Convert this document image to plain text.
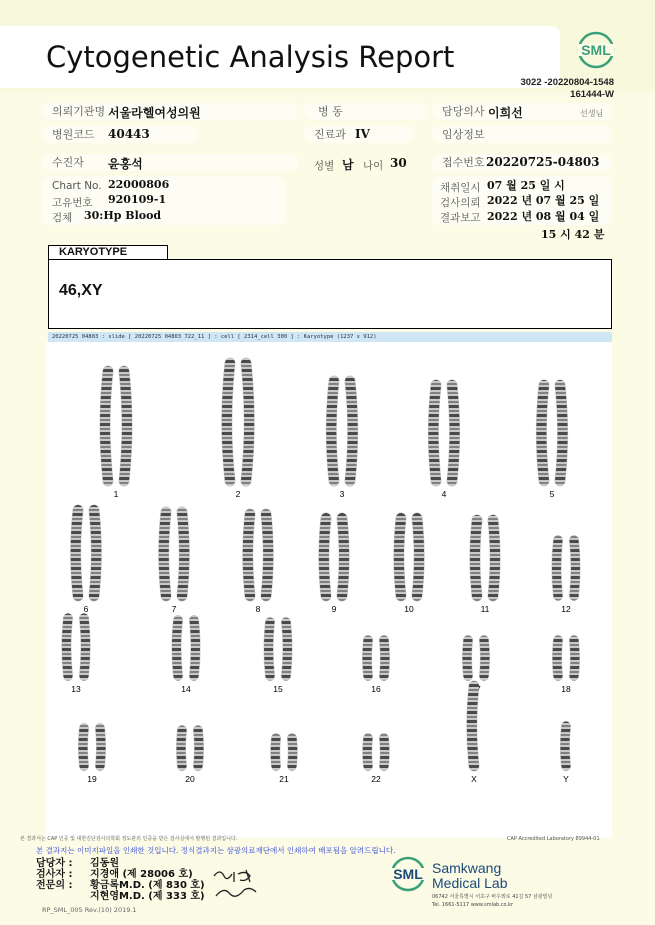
Cytogenetic Analysis Report	SML
3022 -20220804-1548
161444-W
의뢰기관명 서울라헬여성의원	병 동	담당의사 이희선	선생님
병원코드	40443	진료과 IV	임상정보
수진자	윤홍석	성별 남 나이 30	접수번호 20220725-04803
Chart No. 22000806
고유번호 920109-1
검체 30:Hp Blood
채취일시 07 월 25 일 시
검사의뢰 2022 년 07 월 25 일
결과보고 2022 년 08 월 04 일
15 시 42 분
KARYOTYPE
46,XY
20220725 04803 : slide [ 20220725 04803 722_11 ] : cell [ 2314_cell 300 ] : Karyotype (1237 x 912)
1	2	3	4	5
6	7	8	9	10	11	12
13	14	15	16	17	18
19	20	21	22	X	Y
본 결과서는 CAP 인증 및 대한진단검사의학회 정도관리 인증을 받은 검사실에서 발행된 결과입니다.	CAP Accredited Laboratory 89944-01
본 결과지는 이미지파일을 인쇄한 것입니다. 정식결과지는 삼광의료재단에서 인쇄하여 배포됨을 알려드립니다.
담당자 : 김동원
검사자 : 지경애 (제 28006 호)
전문의 : 황금록M.D. (제 830 호)
지현영M.D. (제 333 호)
RP_SML_005 Rev.(10) 2019.1
SML Samkwang
Medical Lab
06742 서울특별시 서초구 바우뫼로 41길 57 삼광빌딩
Tel. 1661-5117 www.smlab.co.kr
